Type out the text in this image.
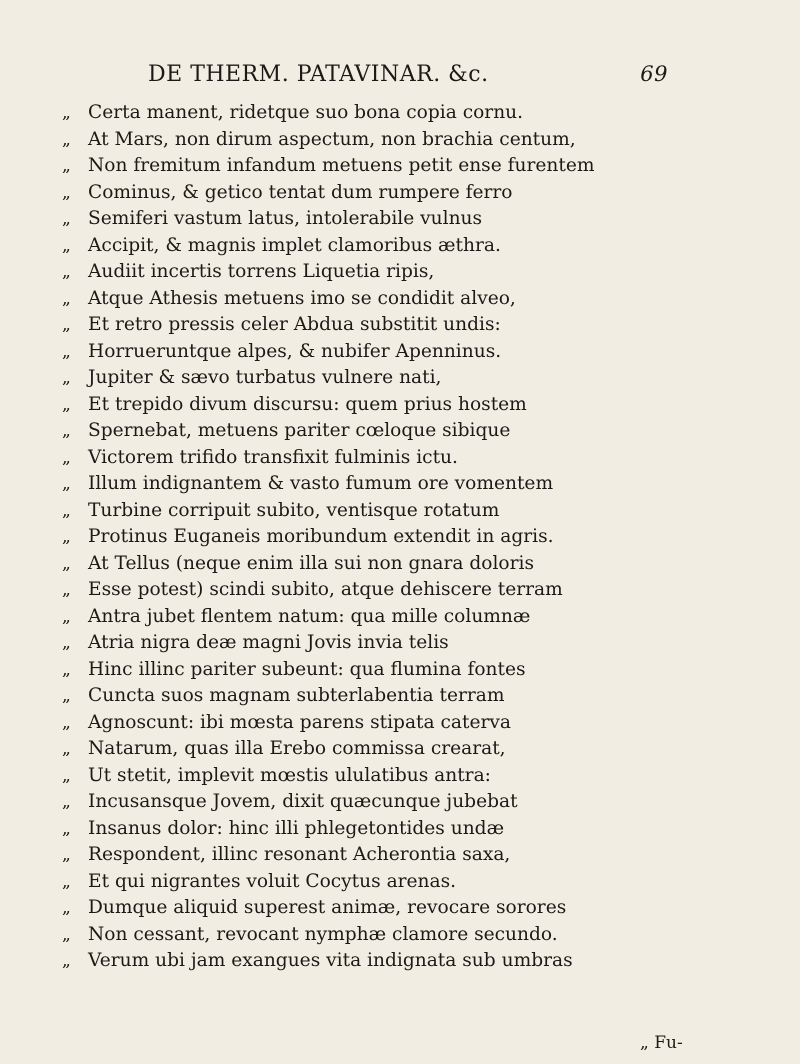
DE THERM. PATAVINAR. &c.	69
„ Certa manent, ridetque suo bona copia cornu.
„ At Mars, non dirum aspectum, non brachia centum,
„ Non fremitum infandum metuens petit ense furentem
„ Cominus, & getico tentat dum rumpere ferro
„ Semiferi vastum latus, intolerabile vulnus
„ Accipit, & magnis implet clamoribus æthra.
„ Audiit incertis torrens Liquetia ripis,
„ Atque Athesis metuens imo se condidit alveo,
„ Et retro pressis celer Abdua substitit undis:
„ Horrueruntque alpes, & nubifer Apenninus.
„ Jupiter & sævo turbatus vulnere nati,
„ Et trepido divum discursu: quem prius hostem
„ Spernebat, metuens pariter cœloque sibique
„ Victorem trifido transfixit fulminis ictu.
„ Illum indignantem & vasto fumum ore vomentem
„ Turbine corripuit subito, ventisque rotatum
„ Protinus Euganeis moribundum extendit in agris.
„ At Tellus (neque enim illa sui non gnara doloris
„ Esse potest) scindi subito, atque dehiscere terram
„ Antra jubet flentem natum: qua mille columnæ
„ Atria nigra deæ magni Jovis invia telis
„ Hinc illinc pariter subeunt: qua flumina fontes
„ Cuncta suos magnam subterlabentia terram
„ Agnoscunt: ibi mœsta parens stipata caterva
„ Natarum, quas illa Erebo commissa crearat,
„ Ut stetit, implevit mœstis ululatibus antra:
„ Incusansque Jovem, dixit quæcunque jubebat
„ Insanus dolor: hinc illi phlegetontides undæ
„ Respondent, illinc resonant Acherontia saxa,
„ Et qui nigrantes voluit Cocytus arenas.
„ Dumque aliquid superest animæ, revocare sorores
„ Non cessant, revocant nymphæ clamore secundo.
„ Verum ubi jam exangues vita indignata sub umbras
„ Fu-
